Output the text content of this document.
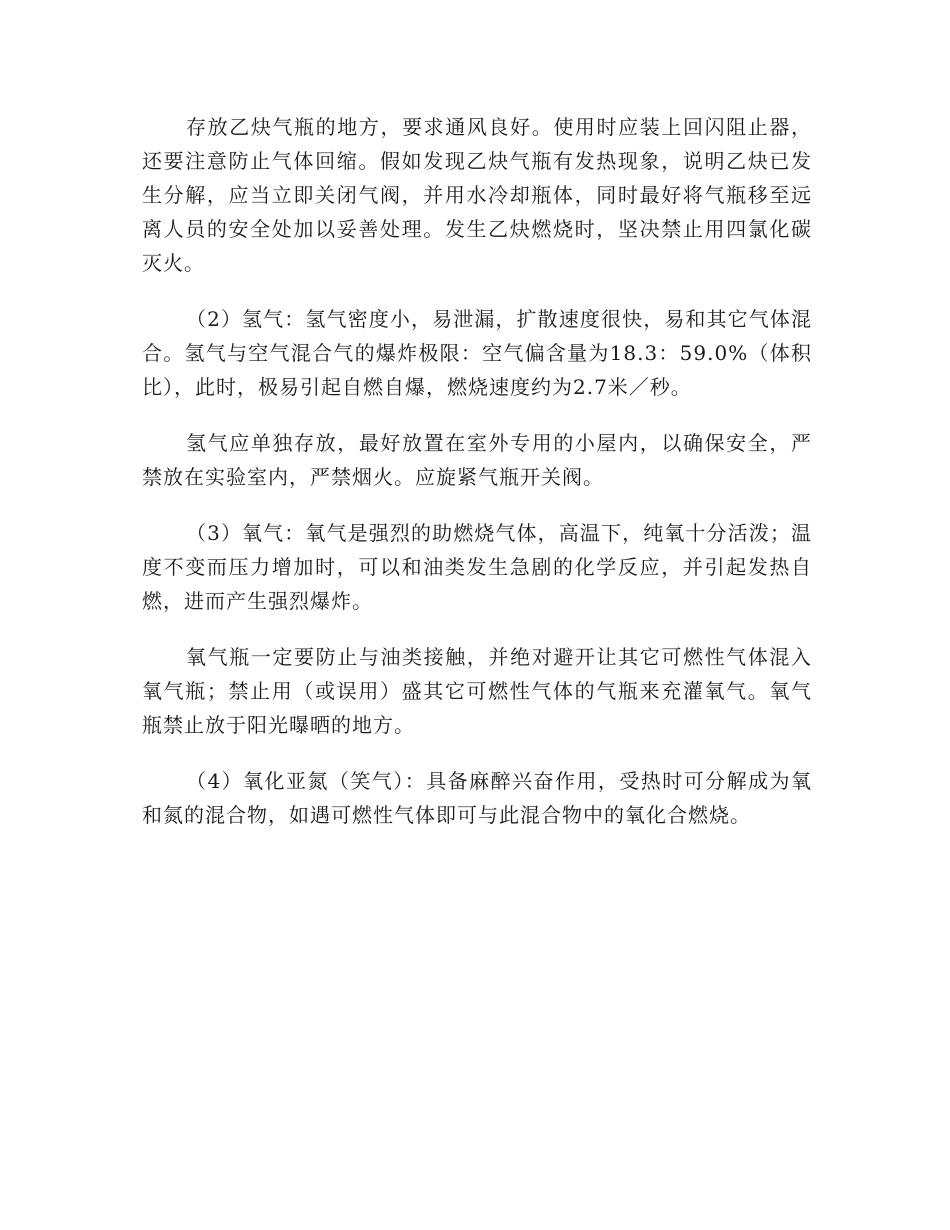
存放乙炔气瓶的地方，要求通风良好。使用时应装上回闪阻止器，还要注意防止气体回缩。假如发现乙炔气瓶有发热现象，说明乙炔已发生分解，应当立即关闭气阀，并用水冷却瓶体，同时最好将气瓶移至远离人员的安全处加以妥善处理。发生乙炔燃烧时，坚决禁止用四氯化碳灭火。

（2）氢气：氢气密度小，易泄漏，扩散速度很快，易和其它气体混合。氢气与空气混合气的爆炸极限：空气偏含量为18.3：59.0%（体积比），此时，极易引起自燃自爆，燃烧速度约为2.7米／秒。

氢气应单独存放，最好放置在室外专用的小屋内，以确保安全，严禁放在实验室内，严禁烟火。应旋紧气瓶开关阀。

（3）氧气：氧气是强烈的助燃烧气体，高温下，纯氧十分活泼；温度不变而压力增加时，可以和油类发生急剧的化学反应，并引起发热自燃，进而产生强烈爆炸。

氧气瓶一定要防止与油类接触，并绝对避开让其它可燃性气体混入氧气瓶；禁止用（或误用）盛其它可燃性气体的气瓶来充灌氧气。氧气瓶禁止放于阳光曝晒的地方。

（4）氧化亚氮（笑气）：具备麻醉兴奋作用，受热时可分解成为氧和氮的混合物，如遇可燃性气体即可与此混合物中的氧化合燃烧。
